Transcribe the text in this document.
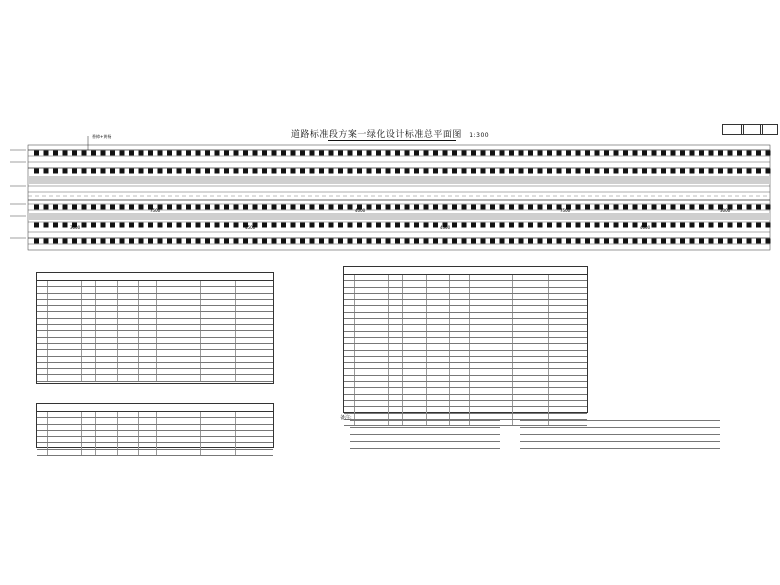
道路标准段方案一绿化设计标准总平面图 1:300
3000
7500
4500
4000
4500
7500
4000
3000
香樟+黄杨
备注:
